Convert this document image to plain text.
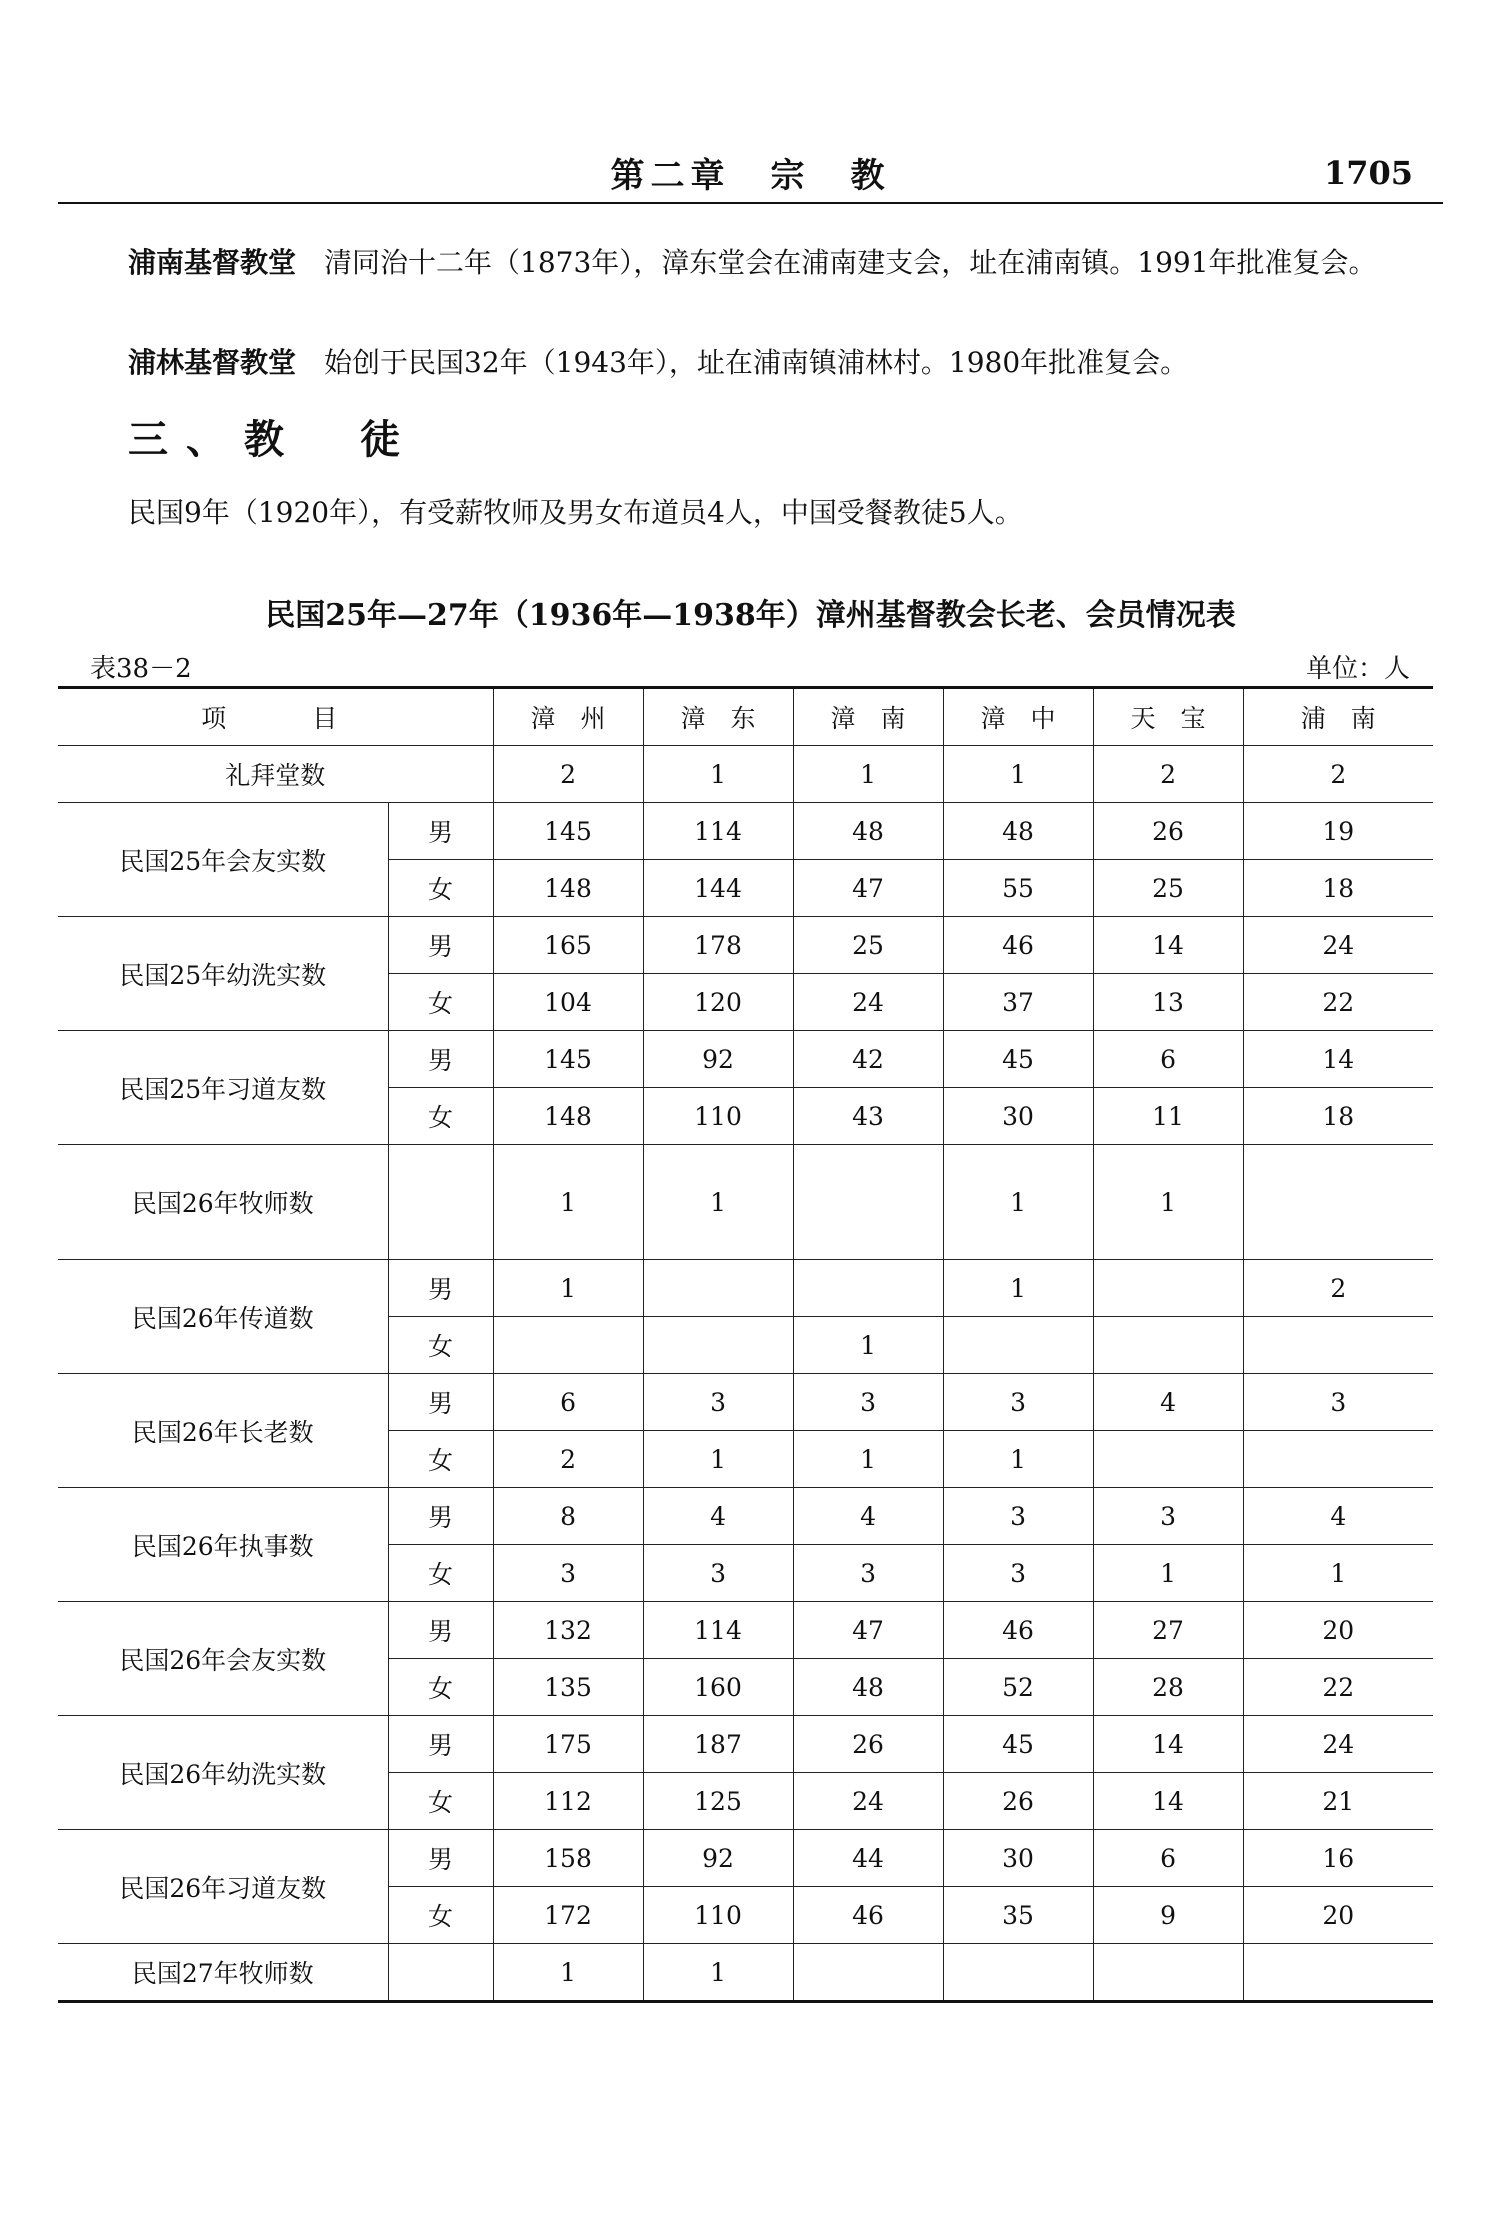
第二章　宗　教	1705
浦南基督教堂 清同治十二年（1873年），漳东堂会在浦南建支会，址在浦南镇。1991年批准复会。
浦林基督教堂 始创于民国32年（1943年），址在浦南镇浦林村。1980年批准复会。
三、教　徒
民国9年（1920年），有受薪牧师及男女布道员4人，中国受餐教徒5人。
民国25年—27年（1936年—1938年）漳州基督教会长老、会员情况表
表38－2	单位：人
项　　目		漳　州	漳　东	漳　南	漳　中	天　宝	浦　南
礼拜堂数		2	1	1	1	2	2
民国25年会友实数	男	145	114	48	48	26	19
	女	148	144	47	55	25	18
民国25年幼洗实数	男	165	178	25	46	14	24
	女	104	120	24	37	13	22
民国25年习道友数	男	145	92	42	45	6	14
	女	148	110	43	30	11	18
民国26年牧师数		1	1		1	1	
民国26年传道数	男	1			1		2
	女			1			
民国26年长老数	男	6	3	3	3	4	3
	女	2	1	1	1		
民国26年执事数	男	8	4	4	3	3	4
	女	3	3	3	3	1	1
民国26年会友实数	男	132	114	47	46	27	20
	女	135	160	48	52	28	22
民国26年幼洗实数	男	175	187	26	45	14	24
	女	112	125	24	26	14	21
民国26年习道友数	男	158	92	44	30	6	16
	女	172	110	46	35	9	20
民国27年牧师数		1	1				
